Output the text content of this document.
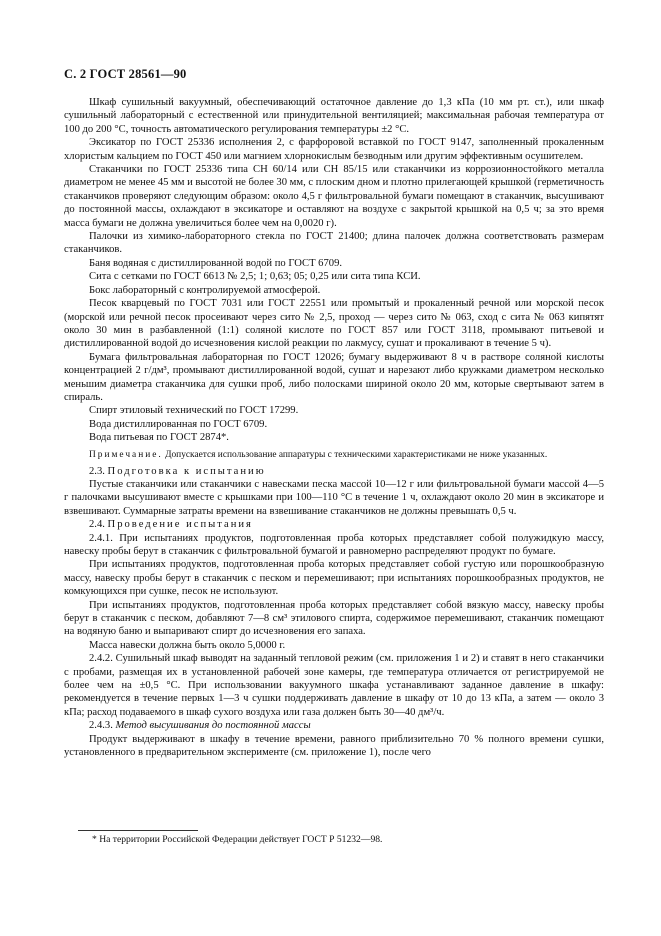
С. 2 ГОСТ 28561—90

Шкаф сушильный вакуумный, обеспечивающий остаточное давление до 1,3 кПа (10 мм рт. ст.), или шкаф сушильный лабораторный с естественной или принудительной вентиляцией; максимальная рабочая температура от 100 до 200 °С, точность автоматического регулирования температуры ±2 °С.

Эксикатор по ГОСТ 25336 исполнения 2, с фарфоровой вставкой по ГОСТ 9147, заполненный прокаленным хлористым кальцием по ГОСТ 450 или магнием хлорнокислым безводным или другим эффективным осушителем.

Стаканчики по ГОСТ 25336 типа СН 60/14 или СН 85/15 или стаканчики из коррозионностойкого металла диаметром не менее 45 мм и высотой не более 30 мм, с плоским дном и плотно прилегающей крышкой (герметичность стаканчиков проверяют следующим образом: около 4,5 г фильтровальной бумаги помещают в стаканчик, высушивают до постоянной массы, охлаждают в эксикаторе и оставляют на воздухе с закрытой крышкой на 0,5 ч; за это время масса бумаги не должна увеличиться более чем на 0,0020 г).

Палочки из химико-лабораторного стекла по ГОСТ 21400; длина палочек должна соответствовать размерам стаканчиков.

Баня водяная с дистиллированной водой по ГОСТ 6709.

Сита с сетками по ГОСТ 6613 № 2,5; 1; 0,63; 05; 0,25 или сита типа КСИ.

Бокс лабораторный с контролируемой атмосферой.

Песок кварцевый по ГОСТ 7031 или ГОСТ 22551 или промытый и прокаленный речной или морской песок (морской или речной песок просеивают через сито № 2,5, проход — через сито № 063, сход с сита № 063 кипятят около 30 мин в разбавленной (1:1) соляной кислоте по ГОСТ 857 или ГОСТ 3118, промывают питьевой и дистиллированной водой до исчезновения кислой реакции по лакмусу, сушат и прокаливают в течение 5 ч).

Бумага фильтровальная лабораторная по ГОСТ 12026; бумагу выдерживают 8 ч в растворе соляной кислоты концентрацией 2 г/дм³, промывают дистиллированной водой, сушат и нарезают либо кружками диаметром несколько меньшим диаметра стаканчика для сушки проб, либо полосками шириной около 20 мм, которые свертывают затем в спираль.

Спирт этиловый технический по ГОСТ 17299.

Вода дистиллированная по ГОСТ 6709.

Вода питьевая по ГОСТ 2874*.

Примечание. Допускается использование аппаратуры с техническими характеристиками не ниже указанных.

2.3. Подготовка к испытанию

Пустые стаканчики или стаканчики с навесками песка массой 10—12 г или фильтровальной бумаги массой 4—5 г палочками высушивают вместе с крышками при 100—110 °С в течение 1 ч, охлаждают около 20 мин в эксикаторе и взвешивают. Суммарные затраты времени на взвешивание стаканчиков не должны превышать 0,5 ч.

2.4. Проведение испытания

2.4.1. При испытаниях продуктов, подготовленная проба которых представляет собой полужидкую массу, навеску пробы берут в стаканчик с фильтровальной бумагой и равномерно распределяют продукт по бумаге.

При испытаниях продуктов, подготовленная проба которых представляет собой густую или порошкообразную массу, навеску пробы берут в стаканчик с песком и перемешивают; при испытаниях порошкообразных продуктов, не комкующихся при сушке, песок не используют.

При испытаниях продуктов, подготовленная проба которых представляет собой вязкую массу, навеску пробы берут в стаканчик с песком, добавляют 7—8 см³ этилового спирта, содержимое перемешивают, стаканчик помещают на водяную баню и выпаривают спирт до исчезновения его запаха.

Масса навески должна быть около 5,0000 г.

2.4.2. Сушильный шкаф выводят на заданный тепловой режим (см. приложения 1 и 2) и ставят в него стаканчики с пробами, размещая их в установленной рабочей зоне камеры, где температура отличается от регистрируемой не более чем на ±0,5 °С. При использовании вакуумного шкафа устанавливают заданное давление в шкафу: рекомендуется в течение первых 1—3 ч сушки поддерживать давление в шкафу от 10 до 13 кПа, а затем — около 3 кПа; расход подаваемого в шкаф сухого воздуха или газа должен быть 30—40 дм³/ч.

2.4.3. Метод высушивания до постоянной массы

Продукт выдерживают в шкафу в течение времени, равного приблизительно 70 % полного времени сушки, установленного в предварительном эксперименте (см. приложение 1), после чего

* На территории Российской Федерации действует ГОСТ Р 51232—98.
